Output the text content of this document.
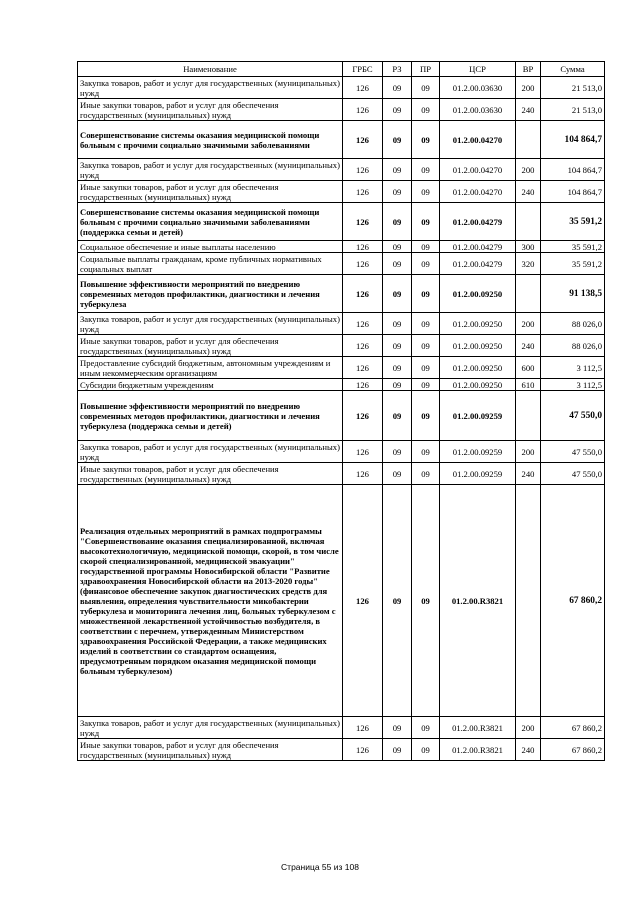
Наименование	ГРБС	РЗ	ПР	ЦСР	ВР	Сумма
Закупка товаров, работ и услуг для государственных (муниципальных) нужд	126	09	09	01.2.00.03630	200	21 513,0
Иные закупки товаров, работ и услуг для обеспечения государственных (муниципальных) нужд	126	09	09	01.2.00.03630	240	21 513,0
Совершенствование системы оказания медицинской помощи больным с прочими социально значимыми заболеваниями	126	09	09	01.2.00.04270		104 864,7
Закупка товаров, работ и услуг для государственных (муниципальных) нужд	126	09	09	01.2.00.04270	200	104 864,7
Иные закупки товаров, работ и услуг для обеспечения государственных (муниципальных) нужд	126	09	09	01.2.00.04270	240	104 864,7
Совершенствование системы оказания медицинской помощи больным с прочими социально значимыми заболеваниями (поддержка семьи и детей)	126	09	09	01.2.00.04279		35 591,2
Социальное обеспечение и иные выплаты населению	126	09	09	01.2.00.04279	300	35 591,2
Социальные выплаты гражданам, кроме публичных нормативных социальных выплат	126	09	09	01.2.00.04279	320	35 591,2
Повышение эффективности мероприятий по внедрению современных методов профилактики, диагностики и лечения туберкулеза	126	09	09	01.2.00.09250		91 138,5
Закупка товаров, работ и услуг для государственных (муниципальных) нужд	126	09	09	01.2.00.09250	200	88 026,0
Иные закупки товаров, работ и услуг для обеспечения государственных (муниципальных) нужд	126	09	09	01.2.00.09250	240	88 026,0
Предоставление субсидий бюджетным, автономным учреждениям и иным некоммерческим организациям	126	09	09	01.2.00.09250	600	3 112,5
Субсидии бюджетным учреждениям	126	09	09	01.2.00.09250	610	3 112,5
Повышение эффективности мероприятий по внедрению современных методов профилактики, диагностики и лечения туберкулеза (поддержка семьи и детей)	126	09	09	01.2.00.09259		47 550,0
Закупка товаров, работ и услуг для государственных (муниципальных) нужд	126	09	09	01.2.00.09259	200	47 550,0
Иные закупки товаров, работ и услуг для обеспечения государственных (муниципальных) нужд	126	09	09	01.2.00.09259	240	47 550,0
Реализация отдельных мероприятий в рамках подпрограммы "Совершенствование оказания специализированной, включая высокотехнологичную, медицинской помощи, скорой, в том числе скорой специализированной, медицинской эвакуации" государственной программы Новосибирской области "Развитие здравоохранения Новосибирской области на 2013-2020 годы" (финансовое обеспечение закупок диагностических средств для выявления, определения чувствительности микобактерии туберкулеза и мониторинга лечения лиц, больных туберкулезом с множественной лекарственной устойчивостью возбудителя, в соответствии с перечнем, утвержденным Министерством здравоохранения Российской Федерации, а также медицинских изделий в соответствии со стандартом оснащения, предусмотренным порядком оказания медицинской помощи больным туберкулезом)	126	09	09	01.2.00.R3821		67 860,2
Закупка товаров, работ и услуг для государственных (муниципальных) нужд	126	09	09	01.2.00.R3821	200	67 860,2
Иные закупки товаров, работ и услуг для обеспечения государственных (муниципальных) нужд	126	09	09	01.2.00.R3821	240	67 860,2
Страница 55 из 108
